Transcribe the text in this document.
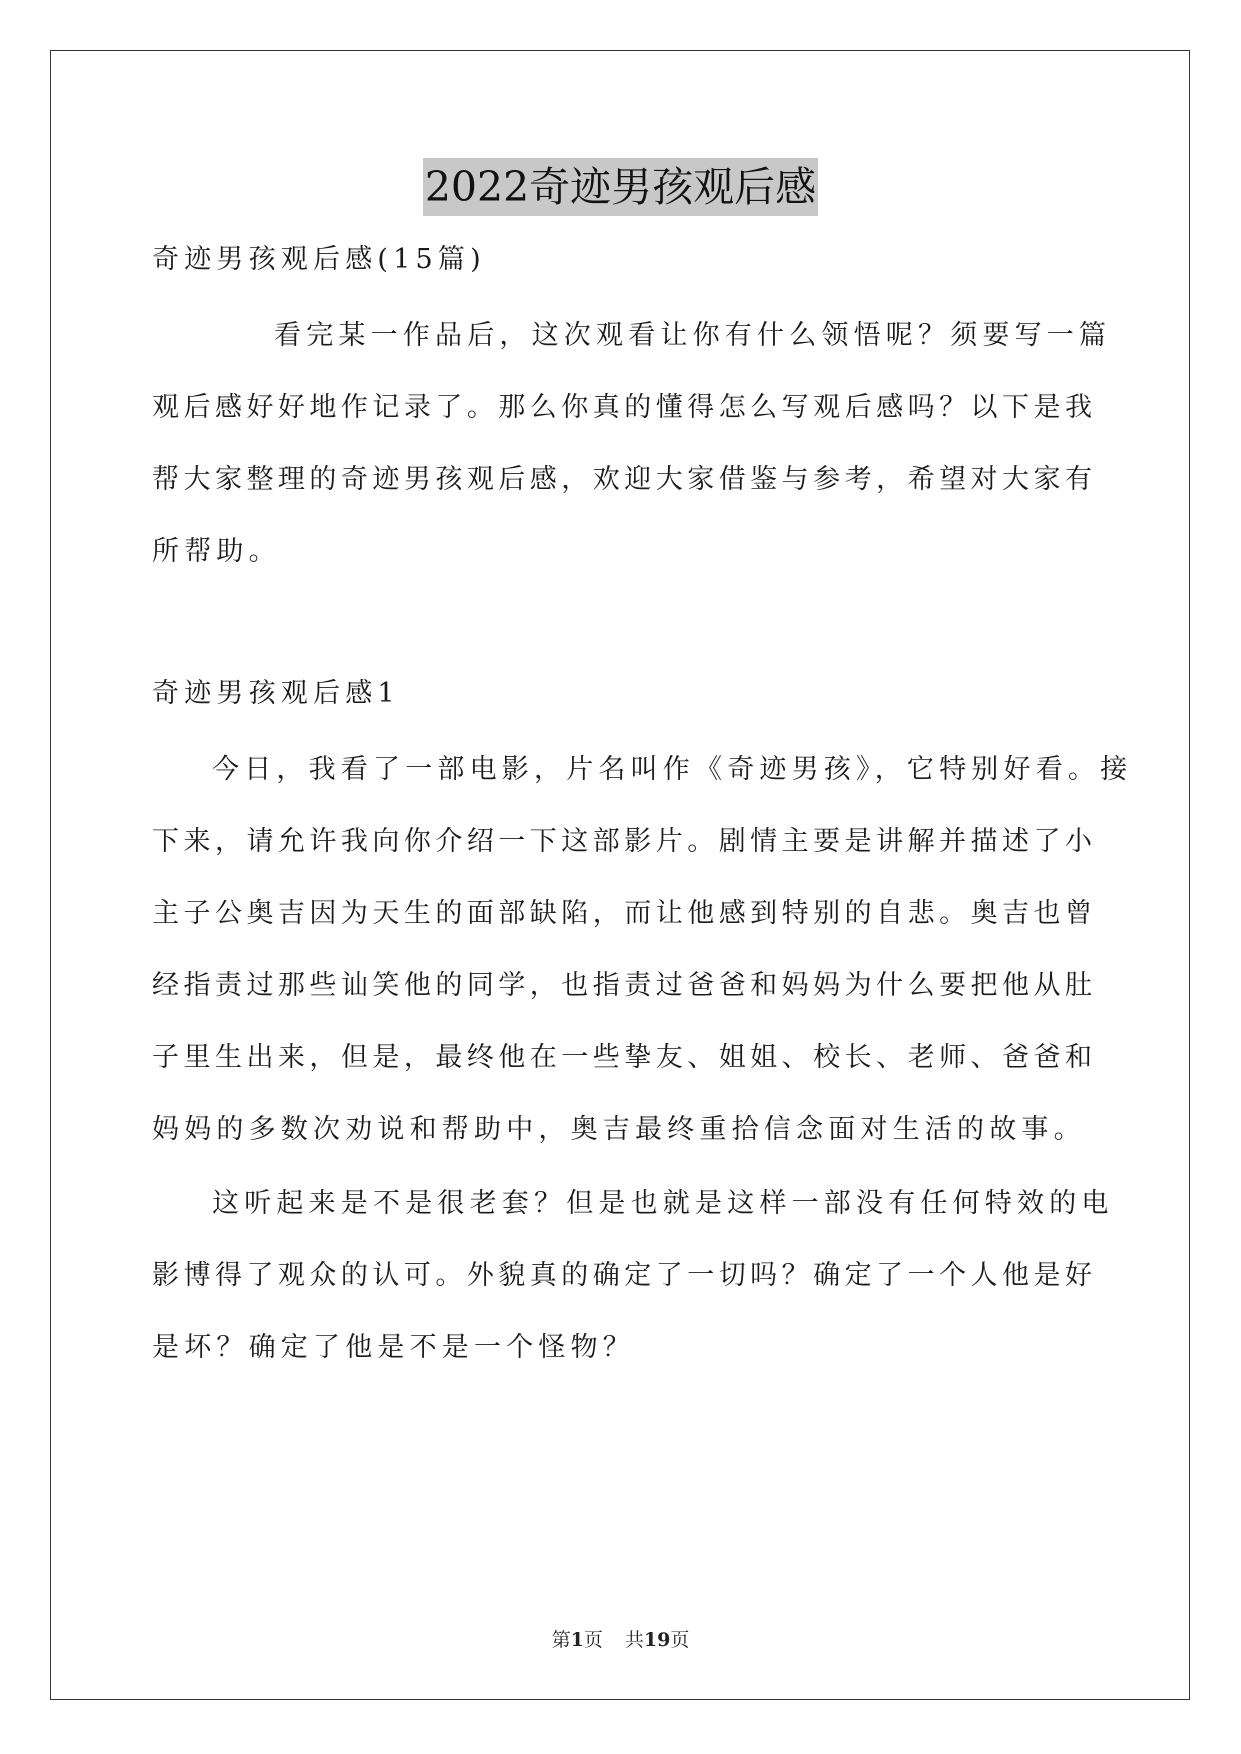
2022奇迹男孩观后感
奇迹男孩观后感(15篇)
看完某一作品后，这次观看让你有什么领悟呢？须要写一篇
观后感好好地作记录了。那么你真的懂得怎么写观后感吗？以下是我
帮大家整理的奇迹男孩观后感，欢迎大家借鉴与参考，希望对大家有
所帮助。
奇迹男孩观后感1
今日，我看了一部电影，片名叫作《奇迹男孩》，它特别好看。接
下来，请允许我向你介绍一下这部影片。剧情主要是讲解并描述了小
主子公奥吉因为天生的面部缺陷，而让他感到特别的自悲。奥吉也曾
经指责过那些讪笑他的同学，也指责过爸爸和妈妈为什么要把他从肚
子里生出来，但是，最终他在一些挚友、姐姐、校长、老师、爸爸和
妈妈的多数次劝说和帮助中，奥吉最终重拾信念面对生活的故事。
这听起来是不是很老套？但是也就是这样一部没有任何特效的电
影博得了观众的认可。外貌真的确定了一切吗？确定了一个人他是好
是坏？确定了他是不是一个怪物？
第1页 共19页
